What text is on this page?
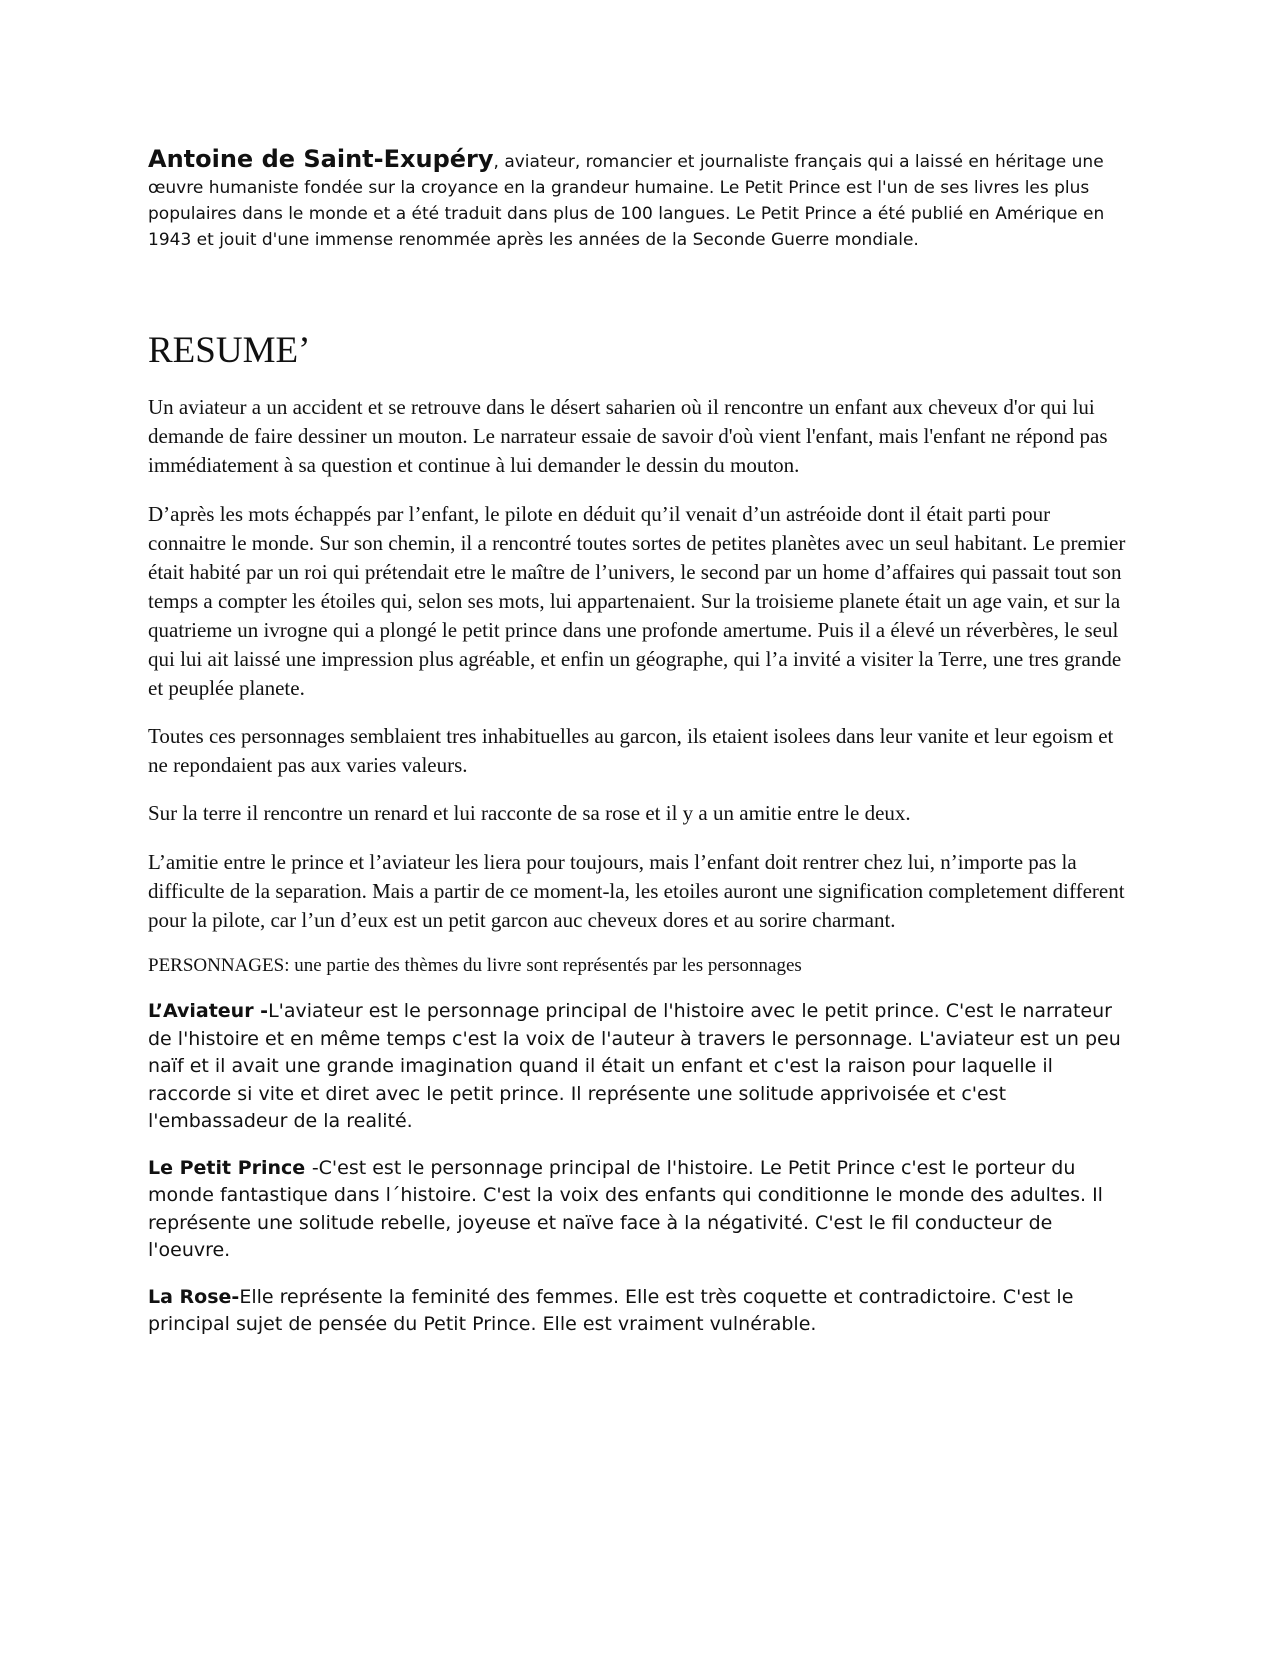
Antoine de Saint-Exupéry, aviateur, romancier et journaliste français qui a laissé en héritage une œuvre humaniste fondée sur la croyance en la grandeur humaine. Le Petit Prince est l'un de ses livres les plus populaires dans le monde et a été traduit dans plus de 100 langues. Le Petit Prince a été publié en Amérique en 1943 et jouit d'une immense renommée après les années de la Seconde Guerre mondiale.

RESUME’

Un aviateur a un accident et se retrouve dans le désert saharien où il rencontre un enfant aux cheveux d'or qui lui demande de faire dessiner un mouton. Le narrateur essaie de savoir d'où vient l'enfant, mais l'enfant ne répond pas immédiatement à sa question et continue à lui demander le dessin du mouton.

D’après les mots échappés par l’enfant, le pilote en déduit qu’il venait d’un astréoide dont il était parti pour connaitre le monde. Sur son chemin, il a rencontré toutes sortes de petites planètes avec un seul habitant. Le premier était habité par un roi qui prétendait etre le maître de l’univers, le second par un home d’affaires qui passait tout son temps a compter les étoiles qui, selon ses mots, lui appartenaient. Sur la troisieme planete était un age vain, et sur la quatrieme un ivrogne qui a plongé le petit prince dans une profonde amertume. Puis il a élevé un réverbères, le seul qui lui ait laissé une impression plus agréable, et enfin un géographe, qui l’a invité a visiter la Terre, une tres grande et peuplée planete.

Toutes ces personnages semblaient tres inhabituelles au garcon, ils etaient isolees dans leur vanite et leur egoism et ne repondaient pas aux varies valeurs.

Sur la terre il rencontre un renard et lui racconte de sa rose et il y a un amitie entre le deux.

L’amitie entre le prince et l’aviateur les liera pour toujours, mais l’enfant doit rentrer chez lui, n’importe pas la difficulte de la separation. Mais a partir de ce moment-la, les etoiles auront une signification completement different pour la pilote, car l’un d’eux est un petit garcon auc cheveux dores et au sorire charmant.

PERSONNAGES: une partie des thèmes du livre sont représentés par les personnages

L’Aviateur -L'aviateur est le personnage principal de l'histoire avec le petit prince. C'est le narrateur de l'histoire et en même temps c'est la voix de l'auteur à travers le personnage. L'aviateur est un peu naïf et il avait une grande imagination quand il était un enfant et c'est la raison pour laquelle il raccorde si vite et diret avec le petit prince. Il représente une solitude apprivoisée et c'est l'embassadeur de la realité.

Le Petit Prince -C'est est le personnage principal de l'histoire. Le Petit Prince c'est le porteur du monde fantastique dans l´histoire. C'est la voix des enfants qui conditionne le monde des adultes. Il représente une solitude rebelle, joyeuse et naïve face à la négativité. C'est le fil conducteur de l'oeuvre.

La Rose-Elle représente la feminité des femmes. Elle est très coquette et contradictoire. C'est le principal sujet de pensée du Petit Prince. Elle est vraiment vulnérable.
